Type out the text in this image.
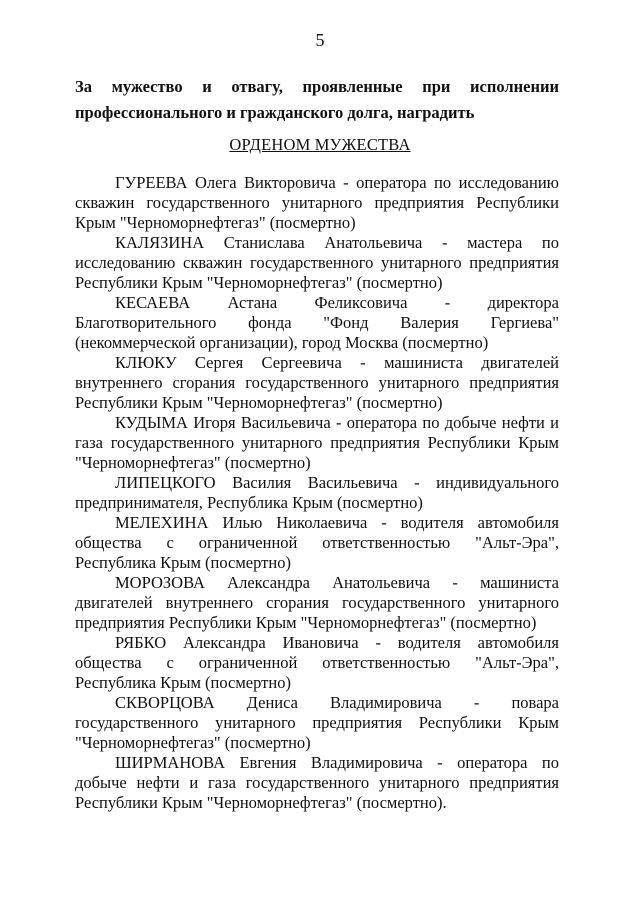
5
За мужество и отвагу, проявленные при исполнении профессионального и гражданского долга, наградить
ОРДЕНОМ МУЖЕСТВА

ГУРЕЕВА Олега Викторовича - оператора по исследованию скважин государственного унитарного предприятия Республики Крым "Черноморнефтегаз" (посмертно)

КАЛЯЗИНА Станислава Анатольевича - мастера по исследованию скважин государственного унитарного предприятия Республики Крым "Черноморнефтегаз" (посмертно)

КЕСАЕВА Астана Феликсовича - директора Благотворительного фонда "Фонд Валерия Гергиева" (некоммерческой организации), город Москва (посмертно)

КЛЮКУ Сергея Сергеевича - машиниста двигателей внутреннего сгорания государственного унитарного предприятия Республики Крым "Черноморнефтегаз" (посмертно)

КУДЫМА Игоря Васильевича - оператора по добыче нефти и газа государственного унитарного предприятия Республики Крым "Черноморнефтегаз" (посмертно)

ЛИПЕЦКОГО Василия Васильевича - индивидуального предпринимателя, Республика Крым (посмертно)

МЕЛЕХИНА Илью Николаевича - водителя автомобиля общества с ограниченной ответственностью "Альт-Эра", Республика Крым (посмертно)

МОРОЗОВА Александра Анатольевича - машиниста двигателей внутреннего сгорания государственного унитарного предприятия Республики Крым "Черноморнефтегаз" (посмертно)

РЯБКО Александра Ивановича - водителя автомобиля общества с ограниченной ответственностью "Альт-Эра", Республика Крым (посмертно)

СКВОРЦОВА Дениса Владимировича - повара государственного унитарного предприятия Республики Крым "Черноморнефтегаз" (посмертно)

ШИРМАНОВА Евгения Владимировича - оператора по добыче нефти и газа государственного унитарного предприятия Республики Крым "Черноморнефтегаз" (посмертно).
